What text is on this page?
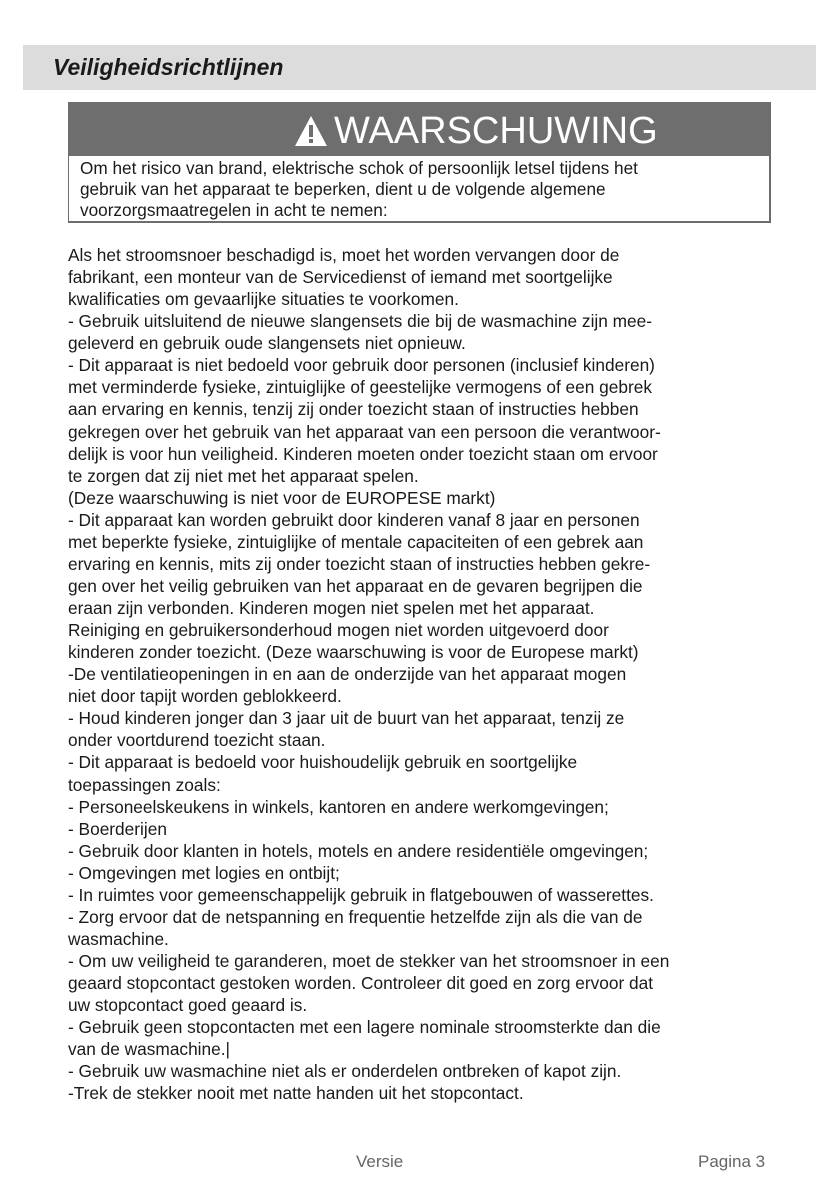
Veiligheidsrichtlijnen
WAARSCHUWING
Om het risico van brand, elektrische schok of persoonlijk letsel tijdens het
gebruik van het apparaat te beperken, dient u de volgende algemene
voorzorgsmaatregelen in acht te nemen:
Als het stroomsnoer beschadigd is, moet het worden vervangen door de
fabrikant, een monteur van de Servicedienst of iemand met soortgelijke
kwalificaties om gevaarlijke situaties te voorkomen.
- Gebruik uitsluitend de nieuwe slangensets die bij de wasmachine zijn mee-
geleverd en gebruik oude slangensets niet opnieuw.
- Dit apparaat is niet bedoeld voor gebruik door personen (inclusief kinderen)
met verminderde fysieke, zintuiglijke of geestelijke vermogens of een gebrek
aan ervaring en kennis, tenzij zij onder toezicht staan of instructies hebben
gekregen over het gebruik van het apparaat van een persoon die verantwoor-
delijk is voor hun veiligheid. Kinderen moeten onder toezicht staan om ervoor
te zorgen dat zij niet met het apparaat spelen.
(Deze waarschuwing is niet voor de EUROPESE markt)
- Dit apparaat kan worden gebruikt door kinderen vanaf 8 jaar en personen
met beperkte fysieke, zintuiglijke of mentale capaciteiten of een gebrek aan
ervaring en kennis, mits zij onder toezicht staan of instructies hebben gekre-
gen over het veilig gebruiken van het apparaat en de gevaren begrijpen die
eraan zijn verbonden. Kinderen mogen niet spelen met het apparaat.
Reiniging en gebruikersonderhoud mogen niet worden uitgevoerd door
kinderen zonder toezicht. (Deze waarschuwing is voor de Europese markt)
-De ventilatieopeningen in en aan de onderzijde van het apparaat mogen
niet door tapijt worden geblokkeerd.
- Houd kinderen jonger dan 3 jaar uit de buurt van het apparaat, tenzij ze
onder voortdurend toezicht staan.
- Dit apparaat is bedoeld voor huishoudelijk gebruik en soortgelijke
toepassingen zoals:
- Personeelskeukens in winkels, kantoren en andere werkomgevingen;
- Boerderijen
- Gebruik door klanten in hotels, motels en andere residentiële omgevingen;
- Omgevingen met logies en ontbijt;
- In ruimtes voor gemeenschappelijk gebruik in flatgebouwen of wasserettes.
- Zorg ervoor dat de netspanning en frequentie hetzelfde zijn als die van de
wasmachine.
- Om uw veiligheid te garanderen, moet de stekker van het stroomsnoer in een
geaard stopcontact gestoken worden. Controleer dit goed en zorg ervoor dat
uw stopcontact goed geaard is.
- Gebruik geen stopcontacten met een lagere nominale stroomsterkte dan die
van de wasmachine.|
- Gebruik uw wasmachine niet als er onderdelen ontbreken of kapot zijn.
-Trek de stekker nooit met natte handen uit het stopcontact.
Versie	Pagina 3
